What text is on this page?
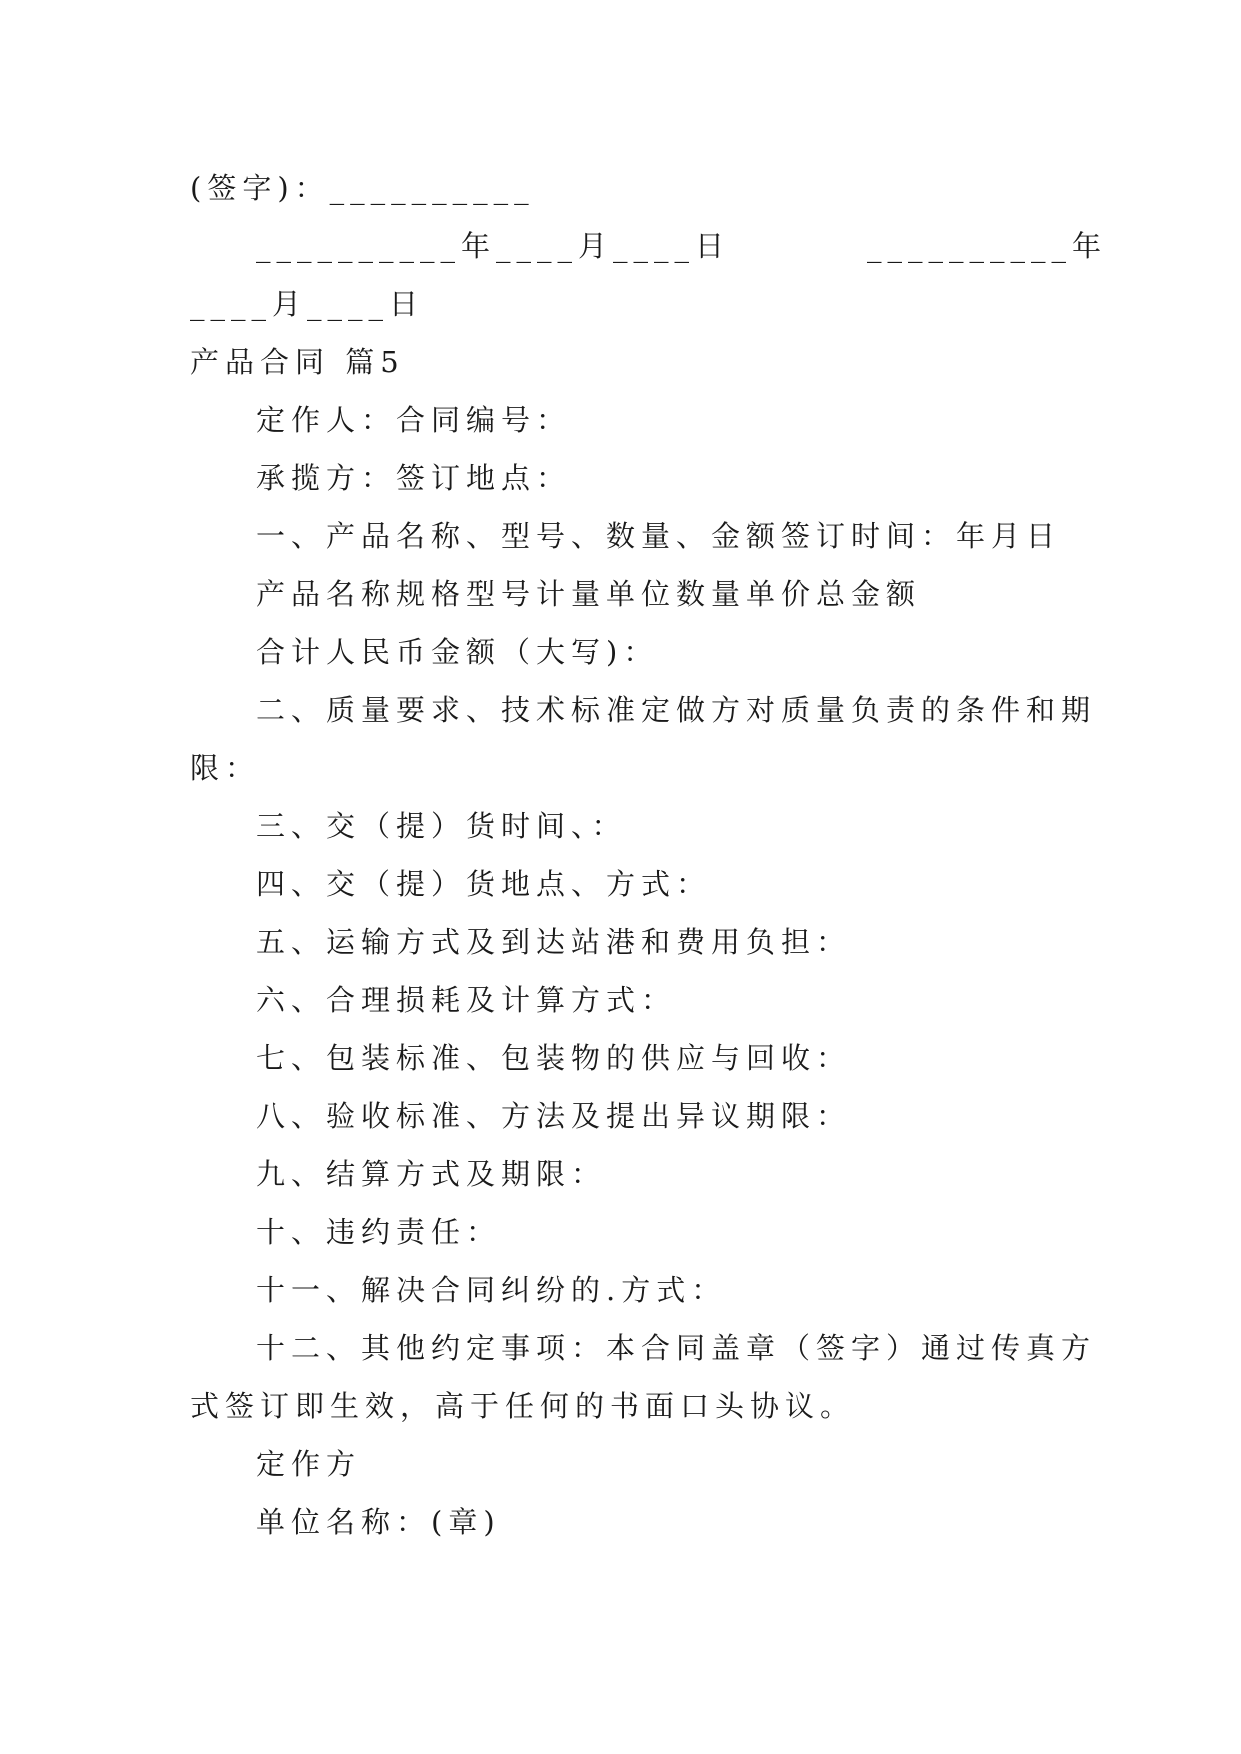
(签字)：__________
__________年____月____日	__________年
____月____日
产品合同 篇5
定作人：合同编号：
承揽方：签订地点：
一、产品名称、型号、数量、金额签订时间：年月日
产品名称规格型号计量单位数量单价总金额
合计人民币金额（大写)：
二、质量要求、技术标准定做方对质量负责的条件和期
限：
三、交（提）货时间、：
四、交（提）货地点、方式：
五、运输方式及到达站港和费用负担：
六、合理损耗及计算方式：
七、包装标准、包装物的供应与回收：
八、验收标准、方法及提出异议期限：
九、结算方式及期限：
十、违约责任：
十一、解决合同纠纷的.方式：
十二、其他约定事项：本合同盖章（签字）通过传真方
式签订即生效，高于任何的书面口头协议。
定作方
单位名称：(章)
